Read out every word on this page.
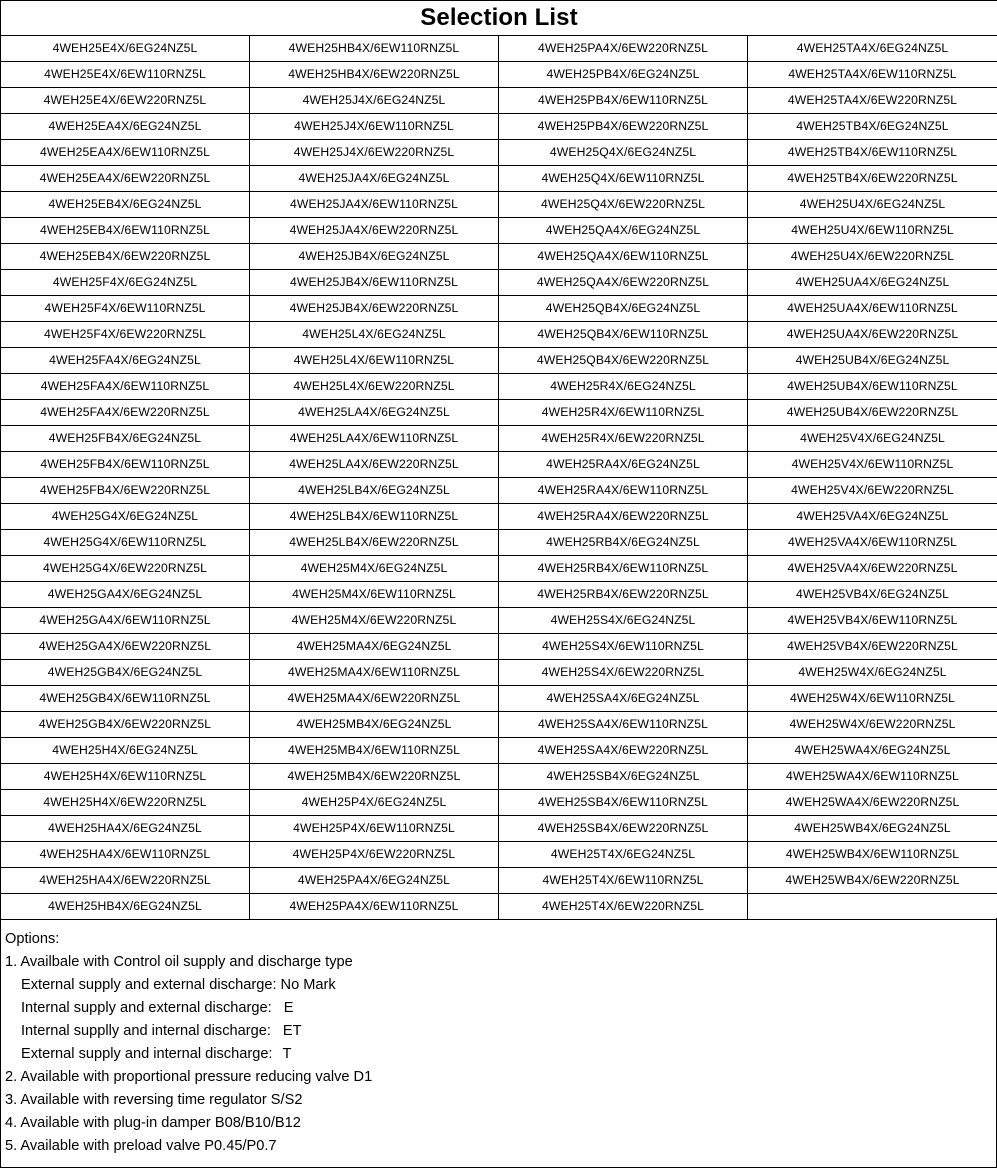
Selection List			
4WEH25E4X/6EG24NZ5L	4WEH25HB4X/6EW110RNZ5L	4WEH25PA4X/6EW220RNZ5L	4WEH25TA4X/6EG24NZ5L
4WEH25E4X/6EW110RNZ5L	4WEH25HB4X/6EW220RNZ5L	4WEH25PB4X/6EG24NZ5L	4WEH25TA4X/6EW110RNZ5L
4WEH25E4X/6EW220RNZ5L	4WEH25J4X/6EG24NZ5L	4WEH25PB4X/6EW110RNZ5L	4WEH25TA4X/6EW220RNZ5L
4WEH25EA4X/6EG24NZ5L	4WEH25J4X/6EW110RNZ5L	4WEH25PB4X/6EW220RNZ5L	4WEH25TB4X/6EG24NZ5L
4WEH25EA4X/6EW110RNZ5L	4WEH25J4X/6EW220RNZ5L	4WEH25Q4X/6EG24NZ5L	4WEH25TB4X/6EW110RNZ5L
4WEH25EA4X/6EW220RNZ5L	4WEH25JA4X/6EG24NZ5L	4WEH25Q4X/6EW110RNZ5L	4WEH25TB4X/6EW220RNZ5L
4WEH25EB4X/6EG24NZ5L	4WEH25JA4X/6EW110RNZ5L	4WEH25Q4X/6EW220RNZ5L	4WEH25U4X/6EG24NZ5L
4WEH25EB4X/6EW110RNZ5L	4WEH25JA4X/6EW220RNZ5L	4WEH25QA4X/6EG24NZ5L	4WEH25U4X/6EW110RNZ5L
4WEH25EB4X/6EW220RNZ5L	4WEH25JB4X/6EG24NZ5L	4WEH25QA4X/6EW110RNZ5L	4WEH25U4X/6EW220RNZ5L
4WEH25F4X/6EG24NZ5L	4WEH25JB4X/6EW110RNZ5L	4WEH25QA4X/6EW220RNZ5L	4WEH25UA4X/6EG24NZ5L
4WEH25F4X/6EW110RNZ5L	4WEH25JB4X/6EW220RNZ5L	4WEH25QB4X/6EG24NZ5L	4WEH25UA4X/6EW110RNZ5L
4WEH25F4X/6EW220RNZ5L	4WEH25L4X/6EG24NZ5L	4WEH25QB4X/6EW110RNZ5L	4WEH25UA4X/6EW220RNZ5L
4WEH25FA4X/6EG24NZ5L	4WEH25L4X/6EW110RNZ5L	4WEH25QB4X/6EW220RNZ5L	4WEH25UB4X/6EG24NZ5L
4WEH25FA4X/6EW110RNZ5L	4WEH25L4X/6EW220RNZ5L	4WEH25R4X/6EG24NZ5L	4WEH25UB4X/6EW110RNZ5L
4WEH25FA4X/6EW220RNZ5L	4WEH25LA4X/6EG24NZ5L	4WEH25R4X/6EW110RNZ5L	4WEH25UB4X/6EW220RNZ5L
4WEH25FB4X/6EG24NZ5L	4WEH25LA4X/6EW110RNZ5L	4WEH25R4X/6EW220RNZ5L	4WEH25V4X/6EG24NZ5L
4WEH25FB4X/6EW110RNZ5L	4WEH25LA4X/6EW220RNZ5L	4WEH25RA4X/6EG24NZ5L	4WEH25V4X/6EW110RNZ5L
4WEH25FB4X/6EW220RNZ5L	4WEH25LB4X/6EG24NZ5L	4WEH25RA4X/6EW110RNZ5L	4WEH25V4X/6EW220RNZ5L
4WEH25G4X/6EG24NZ5L	4WEH25LB4X/6EW110RNZ5L	4WEH25RA4X/6EW220RNZ5L	4WEH25VA4X/6EG24NZ5L
4WEH25G4X/6EW110RNZ5L	4WEH25LB4X/6EW220RNZ5L	4WEH25RB4X/6EG24NZ5L	4WEH25VA4X/6EW110RNZ5L
4WEH25G4X/6EW220RNZ5L	4WEH25M4X/6EG24NZ5L	4WEH25RB4X/6EW110RNZ5L	4WEH25VA4X/6EW220RNZ5L
4WEH25GA4X/6EG24NZ5L	4WEH25M4X/6EW110RNZ5L	4WEH25RB4X/6EW220RNZ5L	4WEH25VB4X/6EG24NZ5L
4WEH25GA4X/6EW110RNZ5L	4WEH25M4X/6EW220RNZ5L	4WEH25S4X/6EG24NZ5L	4WEH25VB4X/6EW110RNZ5L
4WEH25GA4X/6EW220RNZ5L	4WEH25MA4X/6EG24NZ5L	4WEH25S4X/6EW110RNZ5L	4WEH25VB4X/6EW220RNZ5L
4WEH25GB4X/6EG24NZ5L	4WEH25MA4X/6EW110RNZ5L	4WEH25S4X/6EW220RNZ5L	4WEH25W4X/6EG24NZ5L
4WEH25GB4X/6EW110RNZ5L	4WEH25MA4X/6EW220RNZ5L	4WEH25SA4X/6EG24NZ5L	4WEH25W4X/6EW110RNZ5L
4WEH25GB4X/6EW220RNZ5L	4WEH25MB4X/6EG24NZ5L	4WEH25SA4X/6EW110RNZ5L	4WEH25W4X/6EW220RNZ5L
4WEH25H4X/6EG24NZ5L	4WEH25MB4X/6EW110RNZ5L	4WEH25SA4X/6EW220RNZ5L	4WEH25WA4X/6EG24NZ5L
4WEH25H4X/6EW110RNZ5L	4WEH25MB4X/6EW220RNZ5L	4WEH25SB4X/6EG24NZ5L	4WEH25WA4X/6EW110RNZ5L
4WEH25H4X/6EW220RNZ5L	4WEH25P4X/6EG24NZ5L	4WEH25SB4X/6EW110RNZ5L	4WEH25WA4X/6EW220RNZ5L
4WEH25HA4X/6EG24NZ5L	4WEH25P4X/6EW110RNZ5L	4WEH25SB4X/6EW220RNZ5L	4WEH25WB4X/6EG24NZ5L
4WEH25HA4X/6EW110RNZ5L	4WEH25P4X/6EW220RNZ5L	4WEH25T4X/6EG24NZ5L	4WEH25WB4X/6EW110RNZ5L
4WEH25HA4X/6EW220RNZ5L	4WEH25PA4X/6EG24NZ5L	4WEH25T4X/6EW110RNZ5L	4WEH25WB4X/6EW220RNZ5L
4WEH25HB4X/6EG24NZ5L	4WEH25PA4X/6EW110RNZ5L	4WEH25T4X/6EW220RNZ5L	
Options:
1. Availbale with Control oil supply and discharge type
External supply and external discharge: No Mark
Internal supply and external discharge: E
Internal supplly and internal discharge: ET
External supply and internal discharge: T
2. Available with proportional pressure reducing valve D1
3. Available with reversing time regulator S/S2
4. Available with plug-in damper B08/B10/B12
5. Available with preload valve P0.45/P0.7
